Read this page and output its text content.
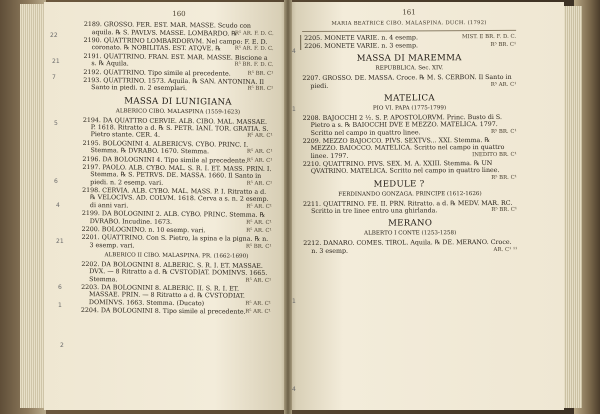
22
21
7
5
6
4
21
6
1
2
160
2189. GROSSO. FER. EST. MAR. MASSE. Scudo con aquila. ℞ S. PAVLVS. MASSE. LOMBARDO. ℞
R⁵ AR. F. D. C.
2190. QUATTRINO LOMBARDORVM. Nel campo: F. E. D. coronato. ℞ NOBILITAS. EST. ATQVE. ℞	R⁵ AR. F. D. C.
2191. QUATTRINO. FRAN. EST. MAR. MASSE. Biscione a s. ℞ Aquila.	R⁵ BR. F. D. C.
2192. QUATTRINO. Tipo simile al precedente.	R⁵ BR. C¹
2193. QUATTRINO. 1573. Aquila. ℞ SAN. ANTONINA. Il Santo in piedi. n. 2 esemplari.	R⁵ BR. C¹
MASSA DI LUNIGIANA
ALBERICO CIBO. MALASPINA (1559-1623)
2194. DA QUATTRO CERVIE. ALB. CIBO. MAL. MASSAE. P. 1618. Ritratto a d. ℞ S. PETR. IANI. TOR. GRATIA. S. Pietro stante. CER. 4.	R⁵ AR. C¹
2195. BOLOGNINI 4. ALBERICVS. CYBO. PRINC. I. Stemma. ℞ DVRABO. 1670. Stemma.	R⁵ AR. C¹
2196. DA BOLOGNINI 4. Tipo simile al precedente. R⁵ AR. C¹
2197. PAOLO. ALB. CYBO. MAL. S. R. I. ET. MASS. PRIN. I. Stemma. ℞ S. PETRVS. DE. MASSA. 1660. Il Santo in piedi. n. 2 esemp. vari.	R⁵ AR. C¹
2198. CERVIA. ALB. CYBO. MAL. MASS. P. I. Ritratto a d. ℞ VELOCIVS. AD. COLVM. 1618. Cerva a s. n. 2 esemp. di anni vari.	R⁵ AR. C¹
2199. DA BOLOGNINI 2. ALB. CYBO. PRINC. Stemma. ℞ DVRABO. Incudine. 1673.	R⁵ AR. C¹
2200. BOLOGNINO. n. 10 esemp. vari.	R⁵ AR. C¹
2201. QUATTRINO. Con S. Pietro, la spina e la pigna. ℞ n. 3 esemp. vari.	R⁵ BR. C¹
ALBERICO II CIBO. MALASPINA. PR. (1662-1690)
2202. DA BOLOGNINI 8. ALBERIC. S. R. I. ET. MASSAE. DVX. — 8 Ritratto a d. ℞ CVSTODIAT. DOMINVS. 1665. Stemma.	R⁵ AR. C¹
2203. DA BOLOGNINI 8. ALBERIC. II. S. R. I. ET. MASSAE. PRIN. — 8 Ritratto a d. ℞ CVSTODIAT. DOMINVS. 1663. Stemma. (Ducato)	R⁵ AR. C¹
2204. DA BOLOGNINI 8. Tipo simile al precedente. R⁵ AR. C¹
4
1
1
4
161
MARIA BEATRICE CIBO. MALASPINA. DUCH. (1792)
2205. MONETE VARIE. n. 4 esemp.	MIST. E BR. F. D. C.
2206. MONETE VARIE. n. 3 esemp.	R⁵ BR. C¹
MASSA DI MAREMMA
REPUBBLICA. Sec. XIV.
2207. GROSSO. DE. MASSA. Croce. ℞ M. S. CERBON. Il Santo in piedi.	R⁵ AR. C¹
MATELICA
PIO VI. PAPA (1775-1799)
2208. BAJOCCHI 2 ½. S. P. APOSTOLORVM. Princ. Busto di S. Pietro a s. ℞ BAIOCCHI DVE E MEZZO. MATELICA. 1797. Scritto nel campo in quattro linee.	R⁵ BR. C¹
2209. MEZZO BAJOCCO. PIVS. SEXTVS... XXI. Stemma. ℞ MEZZO. BAIOCCO. MATELICA. Scritto nel campo in quattro linee. 1797.	INEDITO BR. C¹
2210. QUATTRINO. PIVS. SEX. M. A. XXIII. Stemma. ℞ UN QVATRINO. MATELICA. Scritto nel campo in quattro linee.
R⁵ BR. C¹
MEDULE ?
FERDINANDO GONZAGA. PRINCIPE (1612-1626)
2211. QUATTRINO. FE. II. PRN. Ritratto. a d. ℞ MEDV. MAR. RC. Scritto in tre linee entro una ghirlanda.	R⁵ BR. C¹
MERANO
ALBERTO I CONTE (1253-1258)
2212. DANARO. COMES. TIROL. Aquila. ℞ DE. MERANO. Croce. n. 3 esemp.	AR. C¹ ¹¹
